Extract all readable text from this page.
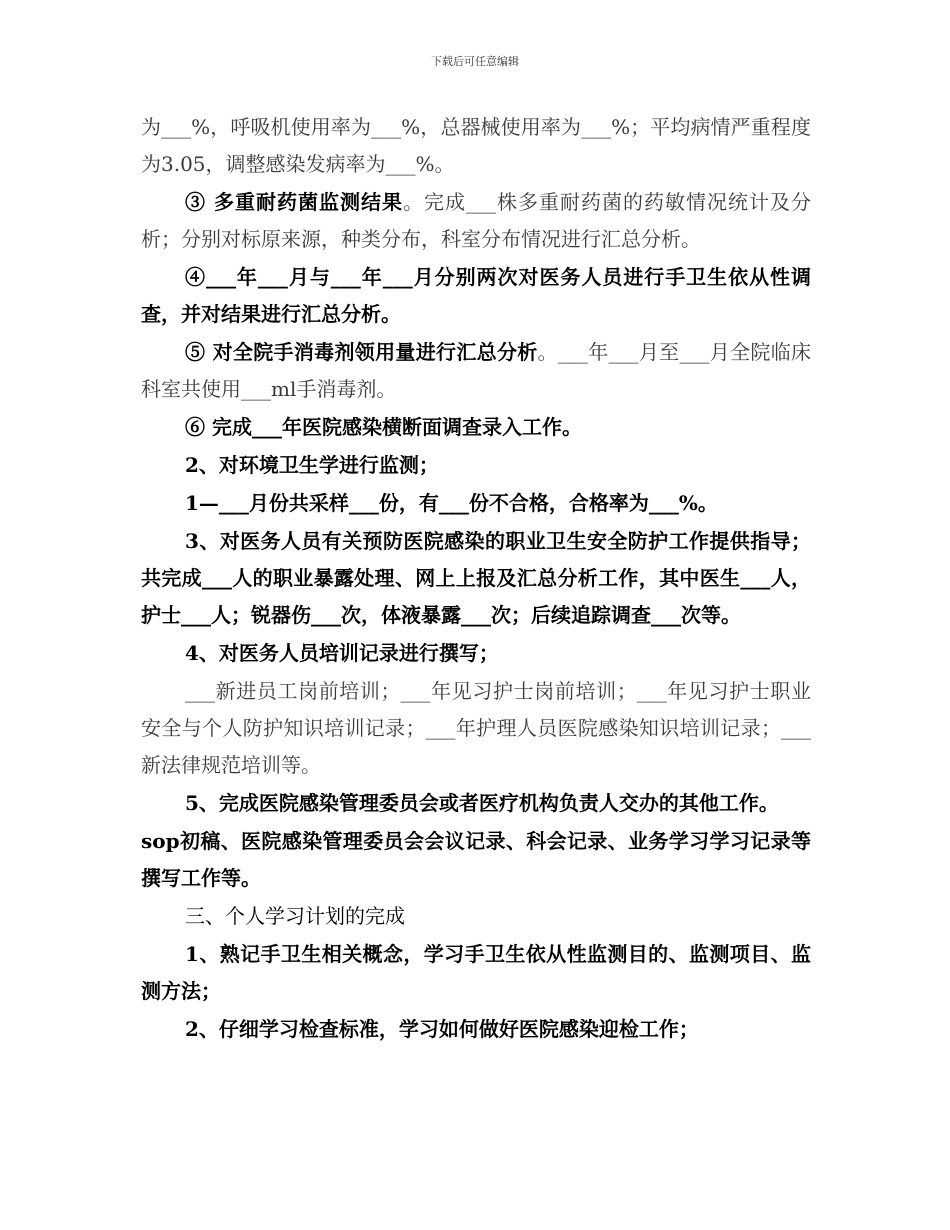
下载后可任意编辑

为___%，呼吸机使用率为___%，总器械使用率为___%；平均病情严重程度为3.05，调整感染发病率为___%。

③ 多重耐药菌监测结果。完成___株多重耐药菌的药敏情况统计及分析；分别对标原来源，种类分布，科室分布情况进行汇总分析。

④___年___月与___年___月分别两次对医务人员进行手卫生依从性调查，并对结果进行汇总分析。

⑤ 对全院手消毒剂领用量进行汇总分析。___年___月至___月全院临床科室共使用___ml手消毒剂。

⑥ 完成___年医院感染横断面调查录入工作。

2、对环境卫生学进行监测；

1—___月份共采样___份，有___份不合格，合格率为___%。

3、对医务人员有关预防医院感染的职业卫生安全防护工作提供指导；共完成___人的职业暴露处理、网上上报及汇总分析工作，其中医生___人，护士___人；锐器伤___次，体液暴露___次；后续追踪调查___次等。

4、对医务人员培训记录进行撰写；

___新进员工岗前培训；___年见习护士岗前培训；___年见习护士职业安全与个人防护知识培训记录；___年护理人员医院感染知识培训记录；___新法律规范培训等。

5、完成医院感染管理委员会或者医疗机构负责人交办的其他工作。

sop初稿、医院感染管理委员会会议记录、科会记录、业务学习学习记录等撰写工作等。

三、个人学习计划的完成

1、熟记手卫生相关概念，学习手卫生依从性监测目的、监测项目、监测方法；

2、仔细学习检查标准，学习如何做好医院感染迎检工作；
